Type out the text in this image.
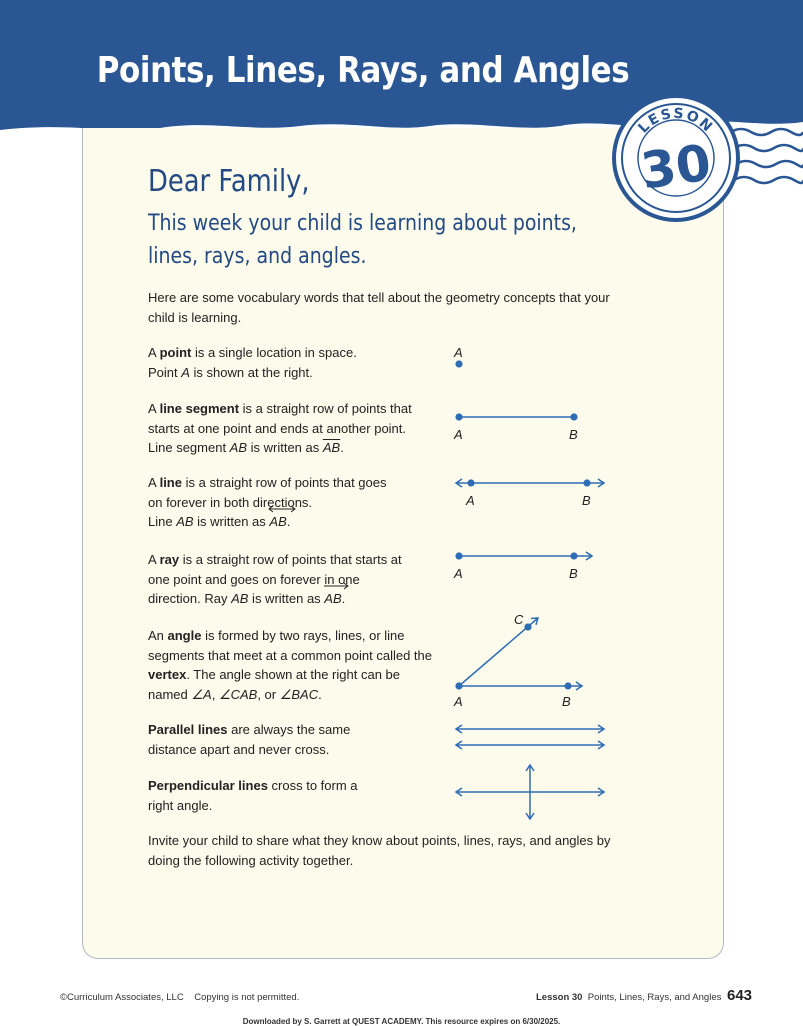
Points, Lines, Rays, and Angles
LESSON
30
Dear Family,
This week your child is learning about points, lines, rays, and angles.
Here are some vocabulary words that tell about the geometry concepts that your child is learning.
A point is a single location in space.
Point A is shown at the right.
A
A line segment is a straight row of points that starts at one point and ends at another point. Line segment AB is written as $\overline{AB}$.
A	B
A line is a straight row of points that goes on forever in both directions.
Line AB is written as
AB.
A	B
A ray is a straight row of points that starts at one point and goes on forever in one direction. Ray AB is written as
AB.
A	B
An angle is formed by two rays, lines, or line segments that meet at a common point called the vertex. The angle shown at the right can be named ∠A, ∠CAB, or ∠BAC.
C
A	B
Parallel lines are always the same distance apart and never cross.
Perpendicular lines cross to form a right angle.
Invite your child to share what they know about points, lines, rays, and angles by doing the following activity together.
©Curriculum Associates, LLC    Copying is not permitted.	Lesson 30 Points, Lines, Rays, and Angles 643
Downloaded by S. Garrett at QUEST ACADEMY. This resource expires on 6/30/2025.
